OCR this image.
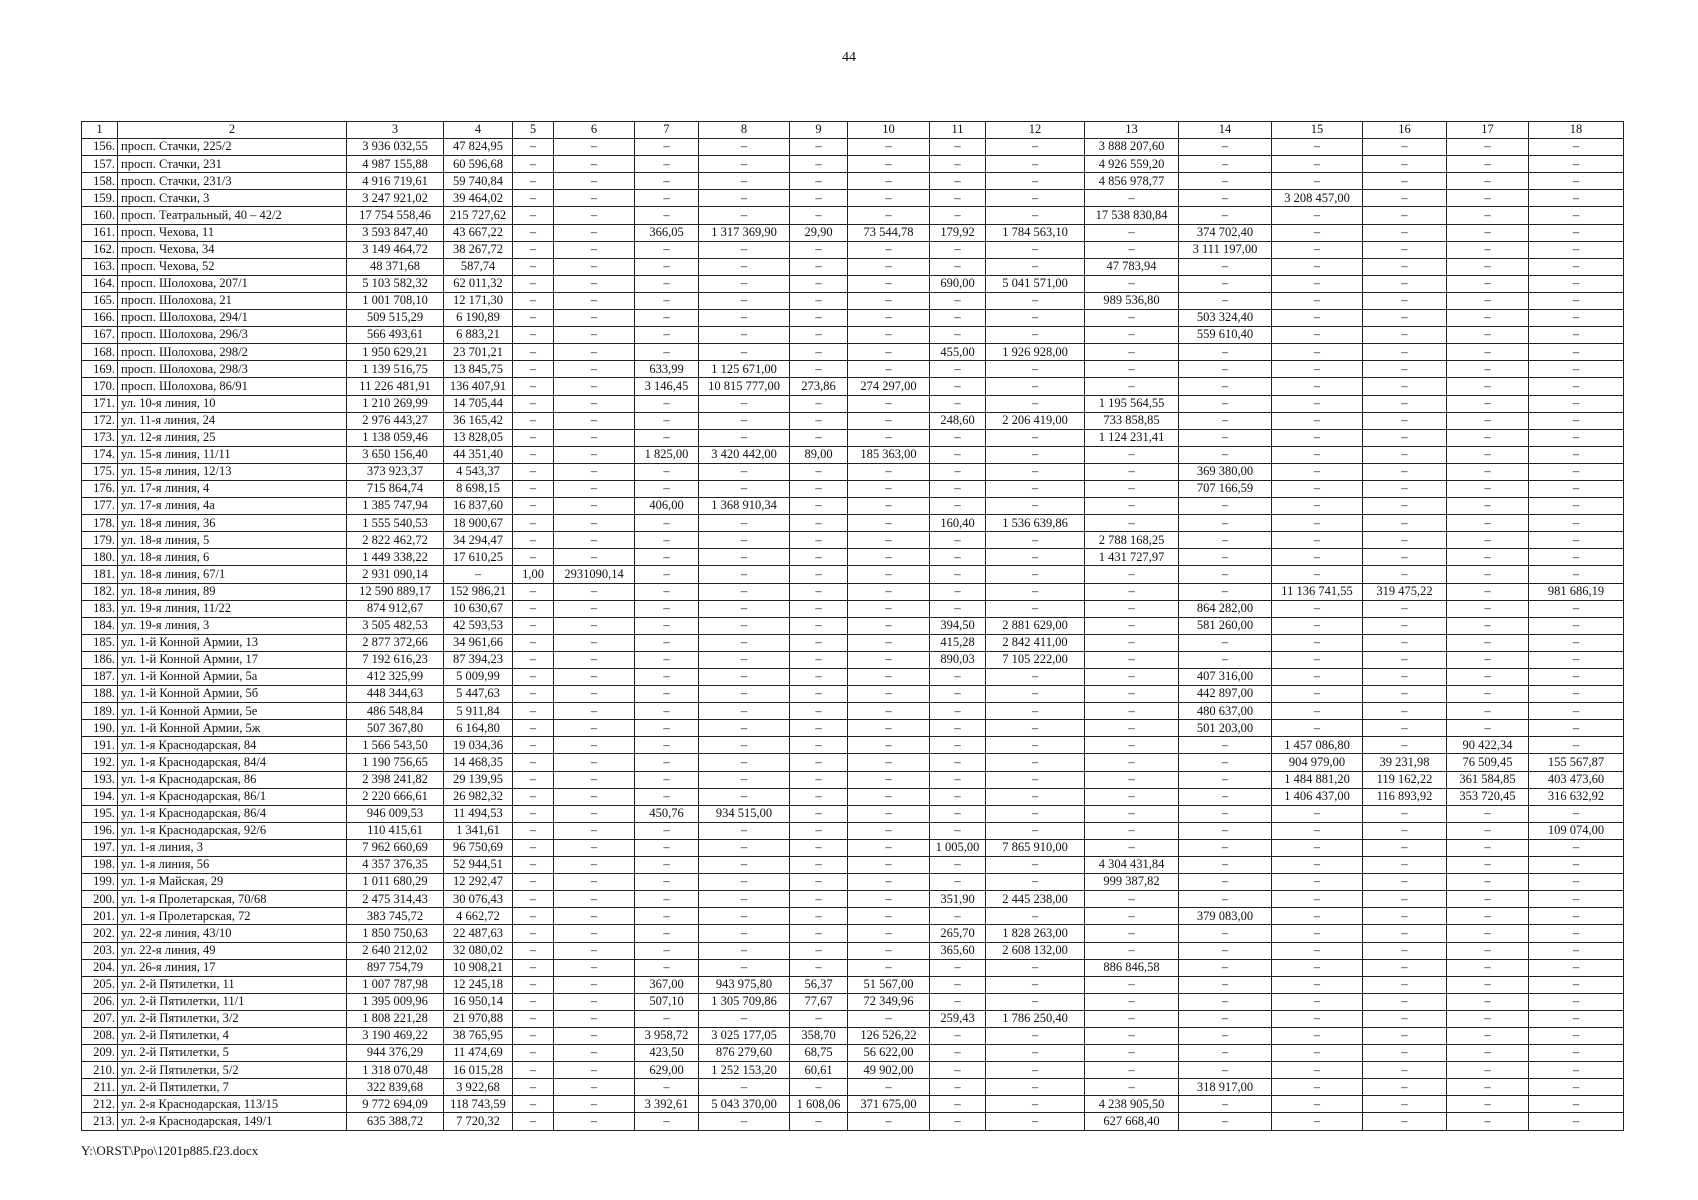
44
1	2	3	4	5	6	7	8	9	10	11	12	13	14	15	16	17	18
156.	просп. Стачки, 225/2	3 936 032,55	47 824,95	–	–	–	–	–	–	–	–	3 888 207,60	–	–	–	–	–
157.	просп. Стачки, 231	4 987 155,88	60 596,68	–	–	–	–	–	–	–	–	4 926 559,20	–	–	–	–	–
158.	просп. Стачки, 231/3	4 916 719,61	59 740,84	–	–	–	–	–	–	–	–	4 856 978,77	–	–	–	–	–
159.	просп. Стачки, 3	3 247 921,02	39 464,02	–	–	–	–	–	–	–	–	–	–	3 208 457,00	–	–	–
160.	просп. Театральный, 40 – 42/2	17 754 558,46	215 727,62	–	–	–	–	–	–	–	–	17 538 830,84	–	–	–	–	–
161.	просп. Чехова, 11	3 593 847,40	43 667,22	–	–	366,05	1 317 369,90	29,90	73 544,78	179,92	1 784 563,10	–	374 702,40	–	–	–	–
162.	просп. Чехова, 34	3 149 464,72	38 267,72	–	–	–	–	–	–	–	–	–	3 111 197,00	–	–	–	–
163.	просп. Чехова, 52	48 371,68	587,74	–	–	–	–	–	–	–	–	47 783,94	–	–	–	–	–
164.	просп. Шолохова, 207/1	5 103 582,32	62 011,32	–	–	–	–	–	–	690,00	5 041 571,00	–	–	–	–	–	–
165.	просп. Шолохова, 21	1 001 708,10	12 171,30	–	–	–	–	–	–	–	–	989 536,80	–	–	–	–	–
166.	просп. Шолохова, 294/1	509 515,29	6 190,89	–	–	–	–	–	–	–	–	–	503 324,40	–	–	–	–
167.	просп. Шолохова, 296/3	566 493,61	6 883,21	–	–	–	–	–	–	–	–	–	559 610,40	–	–	–	–
168.	просп. Шолохова, 298/2	1 950 629,21	23 701,21	–	–	–	–	–	–	455,00	1 926 928,00	–	–	–	–	–	–
169.	просп. Шолохова, 298/3	1 139 516,75	13 845,75	–	–	633,99	1 125 671,00	–	–	–	–	–	–	–	–	–	–
170.	просп. Шолохова, 86/91	11 226 481,91	136 407,91	–	–	3 146,45	10 815 777,00	273,86	274 297,00	–	–	–	–	–	–	–	–
171.	ул. 10-я линия, 10	1 210 269,99	14 705,44	–	–	–	–	–	–	–	–	1 195 564,55	–	–	–	–	–
172.	ул. 11-я линия, 24	2 976 443,27	36 165,42	–	–	–	–	–	–	248,60	2 206 419,00	733 858,85	–	–	–	–	–
173.	ул. 12-я линия, 25	1 138 059,46	13 828,05	–	–	–	–	–	–	–	–	1 124 231,41	–	–	–	–	–
174.	ул. 15-я линия, 11/11	3 650 156,40	44 351,40	–	–	1 825,00	3 420 442,00	89,00	185 363,00	–	–	–	–	–	–	–	–
175.	ул. 15-я линия, 12/13	373 923,37	4 543,37	–	–	–	–	–	–	–	–	–	369 380,00	–	–	–	–
176.	ул. 17-я линия, 4	715 864,74	8 698,15	–	–	–	–	–	–	–	–	–	707 166,59	–	–	–	–
177.	ул. 17-я линия, 4а	1 385 747,94	16 837,60	–	–	406,00	1 368 910,34	–	–	–	–	–	–	–	–	–	–
178.	ул. 18-я линия, 36	1 555 540,53	18 900,67	–	–	–	–	–	–	160,40	1 536 639,86	–	–	–	–	–	–
179.	ул. 18-я линия, 5	2 822 462,72	34 294,47	–	–	–	–	–	–	–	–	2 788 168,25	–	–	–	–	–
180.	ул. 18-я линия, 6	1 449 338,22	17 610,25	–	–	–	–	–	–	–	–	1 431 727,97	–	–	–	–	–
181.	ул. 18-я линия, 67/1	2 931 090,14	–	1,00	2931090,14	–	–	–	–	–	–	–	–	–	–	–	–
182.	ул. 18-я линия, 89	12 590 889,17	152 986,21	–	–	–	–	–	–	–	–	–	–	11 136 741,55	319 475,22	–	981 686,19
183.	ул. 19-я линия, 11/22	874 912,67	10 630,67	–	–	–	–	–	–	–	–	–	864 282,00	–	–	–	–
184.	ул. 19-я линия, 3	3 505 482,53	42 593,53	–	–	–	–	–	–	394,50	2 881 629,00	–	581 260,00	–	–	–	–
185.	ул. 1-й Конной Армии, 13	2 877 372,66	34 961,66	–	–	–	–	–	–	415,28	2 842 411,00	–	–	–	–	–	–
186.	ул. 1-й Конной Армии, 17	7 192 616,23	87 394,23	–	–	–	–	–	–	890,03	7 105 222,00	–	–	–	–	–	–
187.	ул. 1-й Конной Армии, 5а	412 325,99	5 009,99	–	–	–	–	–	–	–	–	–	407 316,00	–	–	–	–
188.	ул. 1-й Конной Армии, 5б	448 344,63	5 447,63	–	–	–	–	–	–	–	–	–	442 897,00	–	–	–	–
189.	ул. 1-й Конной Армии, 5е	486 548,84	5 911,84	–	–	–	–	–	–	–	–	–	480 637,00	–	–	–	–
190.	ул. 1-й Конной Армии, 5ж	507 367,80	6 164,80	–	–	–	–	–	–	–	–	–	501 203,00	–	–	–	–
191.	ул. 1-я Краснодарская, 84	1 566 543,50	19 034,36	–	–	–	–	–	–	–	–	–	–	1 457 086,80	–	90 422,34	–
192.	ул. 1-я Краснодарская, 84/4	1 190 756,65	14 468,35	–	–	–	–	–	–	–	–	–	–	904 979,00	39 231,98	76 509,45	155 567,87
193.	ул. 1-я Краснодарская, 86	2 398 241,82	29 139,95	–	–	–	–	–	–	–	–	–	–	1 484 881,20	119 162,22	361 584,85	403 473,60
194.	ул. 1-я Краснодарская, 86/1	2 220 666,61	26 982,32	–	–	–	–	–	–	–	–	–	–	1 406 437,00	116 893,92	353 720,45	316 632,92
195.	ул. 1-я Краснодарская, 86/4	946 009,53	11 494,53	–	–	450,76	934 515,00	–	–	–	–	–	–	–	–	–	–
196.	ул. 1-я Краснодарская, 92/6	110 415,61	1 341,61	–	–	–	–	–	–	–	–	–	–	–	–	–	109 074,00
197.	ул. 1-я линия, 3	7 962 660,69	96 750,69	–	–	–	–	–	–	1 005,00	7 865 910,00	–	–	–	–	–	–
198.	ул. 1-я линия, 56	4 357 376,35	52 944,51	–	–	–	–	–	–	–	–	4 304 431,84	–	–	–	–	–
199.	ул. 1-я Майская, 29	1 011 680,29	12 292,47	–	–	–	–	–	–	–	–	999 387,82	–	–	–	–	–
200.	ул. 1-я Пролетарская, 70/68	2 475 314,43	30 076,43	–	–	–	–	–	–	351,90	2 445 238,00	–	–	–	–	–	–
201.	ул. 1-я Пролетарская, 72	383 745,72	4 662,72	–	–	–	–	–	–	–	–	–	379 083,00	–	–	–	–
202.	ул. 22-я линия, 43/10	1 850 750,63	22 487,63	–	–	–	–	–	–	265,70	1 828 263,00	–	–	–	–	–	–
203.	ул. 22-я линия, 49	2 640 212,02	32 080,02	–	–	–	–	–	–	365,60	2 608 132,00	–	–	–	–	–	–
204.	ул. 26-я линия, 17	897 754,79	10 908,21	–	–	–	–	–	–	–	–	886 846,58	–	–	–	–	–
205.	ул. 2-й Пятилетки, 11	1 007 787,98	12 245,18	–	–	367,00	943 975,80	56,37	51 567,00	–	–	–	–	–	–	–	–
206.	ул. 2-й Пятилетки, 11/1	1 395 009,96	16 950,14	–	–	507,10	1 305 709,86	77,67	72 349,96	–	–	–	–	–	–	–	–
207.	ул. 2-й Пятилетки, 3/2	1 808 221,28	21 970,88	–	–	–	–	–	–	259,43	1 786 250,40	–	–	–	–	–	–
208.	ул. 2-й Пятилетки, 4	3 190 469,22	38 765,95	–	–	3 958,72	3 025 177,05	358,70	126 526,22	–	–	–	–	–	–	–	–
209.	ул. 2-й Пятилетки, 5	944 376,29	11 474,69	–	–	423,50	876 279,60	68,75	56 622,00	–	–	–	–	–	–	–	–
210.	ул. 2-й Пятилетки, 5/2	1 318 070,48	16 015,28	–	–	629,00	1 252 153,20	60,61	49 902,00	–	–	–	–	–	–	–	–
211.	ул. 2-й Пятилетки, 7	322 839,68	3 922,68	–	–	–	–	–	–	–	–	–	318 917,00	–	–	–	–
212.	ул. 2-я Краснодарская, 113/15	9 772 694,09	118 743,59	–	–	3 392,61	5 043 370,00	1 608,06	371 675,00	–	–	4 238 905,50	–	–	–	–	–
213.	ул. 2-я Краснодарская, 149/1	635 388,72	7 720,32	–	–	–	–	–	–	–	–	627 668,40	–	–	–	–	–
Y:\ORST\Ppo\1201p885.f23.docx
